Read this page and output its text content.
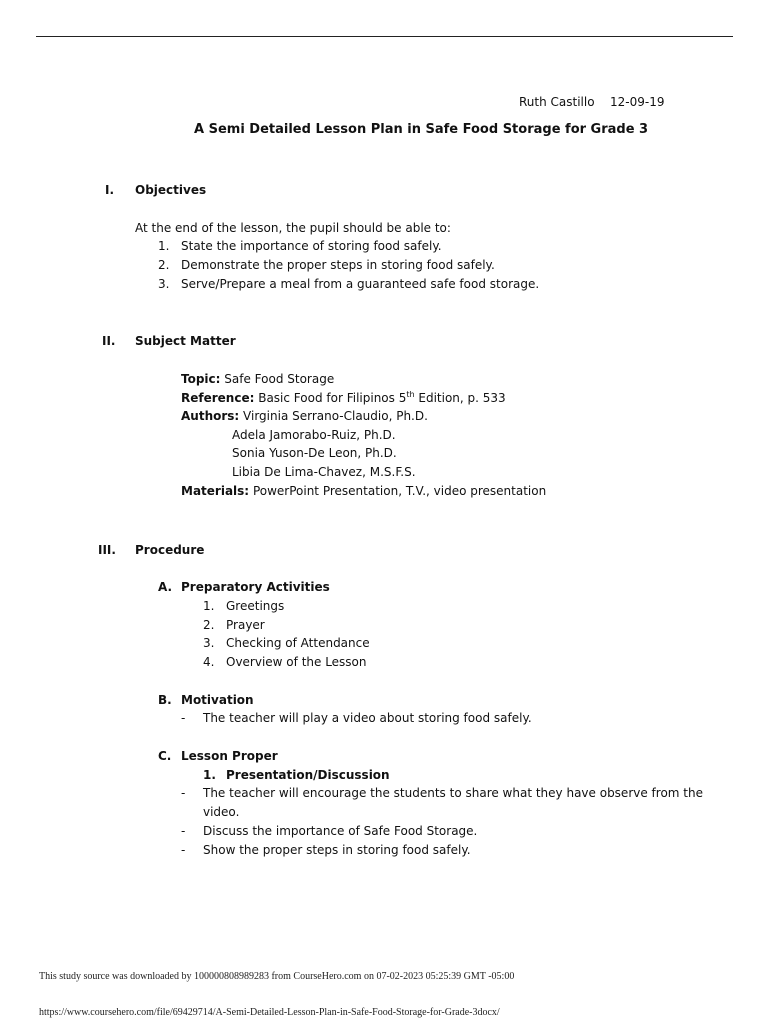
Ruth Castillo 12-09-19
A Semi Detailed Lesson Plan in Safe Food Storage for Grade 3
I. Objectives
At the end of the lesson, the pupil should be able to:
1. State the importance of storing food safely.
2. Demonstrate the proper steps in storing food safely.
3. Serve/Prepare a meal from a guaranteed safe food storage.
II. Subject Matter
Topic: Safe Food Storage
Reference: Basic Food for Filipinos 5th Edition, p. 533
Authors: Virginia Serrano-Claudio, Ph.D.
Adela Jamorabo-Ruiz, Ph.D.
Sonia Yuson-De Leon, Ph.D.
Libia De Lima-Chavez, M.S.F.S.
Materials: PowerPoint Presentation, T.V., video presentation
III. Procedure
A. Preparatory Activities
1. Greetings
2. Prayer
3. Checking of Attendance
4. Overview of the Lesson
B. Motivation
- The teacher will play a video about storing food safely.
C. Lesson Proper
1. Presentation/Discussion
- The teacher will encourage the students to share what they have observe from the
video.
- Discuss the importance of Safe Food Storage.
- Show the proper steps in storing food safely.
This study source was downloaded by 100000808989283 from CourseHero.com on 07-02-2023 05:25:39 GMT -05:00
https://www.coursehero.com/file/69429714/A-Semi-Detailed-Lesson-Plan-in-Safe-Food-Storage-for-Grade-3docx/
